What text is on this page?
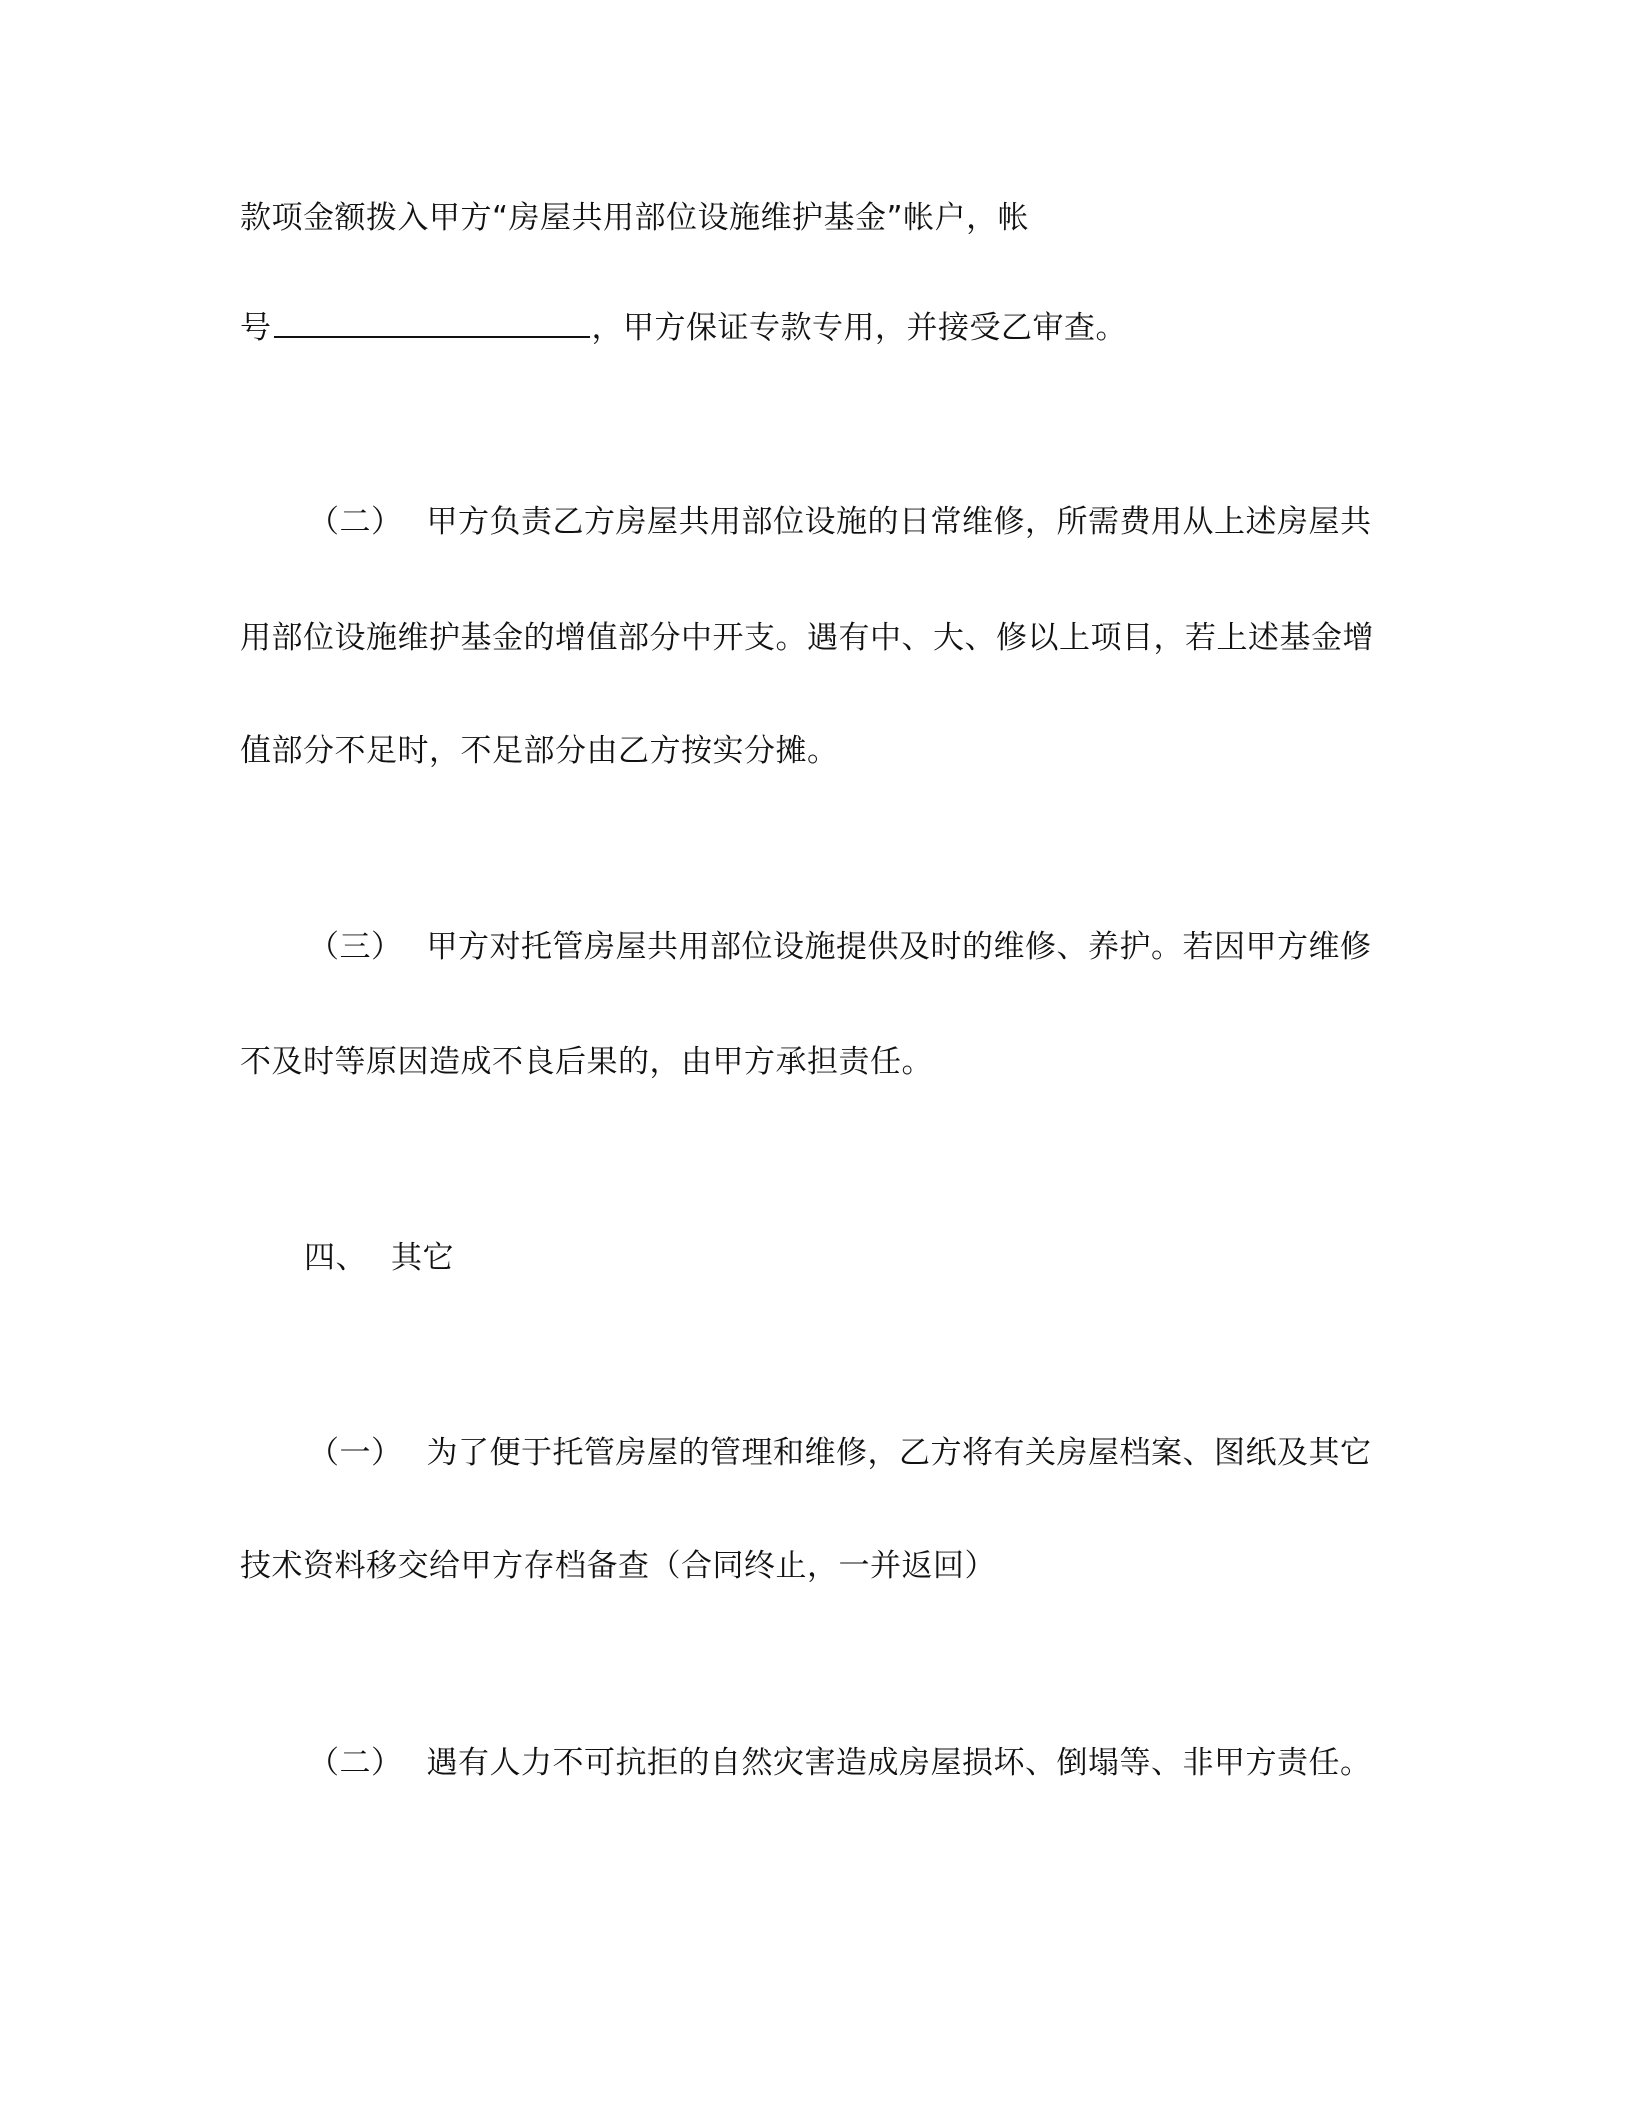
款项金额拨入甲方“房屋共用部位设施维护基金”帐户，帐
号	，甲方保证专款专用，并接受乙审查。
（二） 甲方负责乙方房屋共用部位设施的日常维修，所需费用从上述房屋共
用部位设施维护基金的增值部分中开支。遇有中、大、修以上项目，若上述基金增
值部分不足时，不足部分由乙方按实分摊。
（三） 甲方对托管房屋共用部位设施提供及时的维修、养护。若因甲方维修
不及时等原因造成不良后果的，由甲方承担责任。
四、 其它
（一） 为了便于托管房屋的管理和维修，乙方将有关房屋档案、图纸及其它
技术资料移交给甲方存档备查（合同终止，一并返回）
（二） 遇有人力不可抗拒的自然灾害造成房屋损坏、倒塌等、非甲方责任。
